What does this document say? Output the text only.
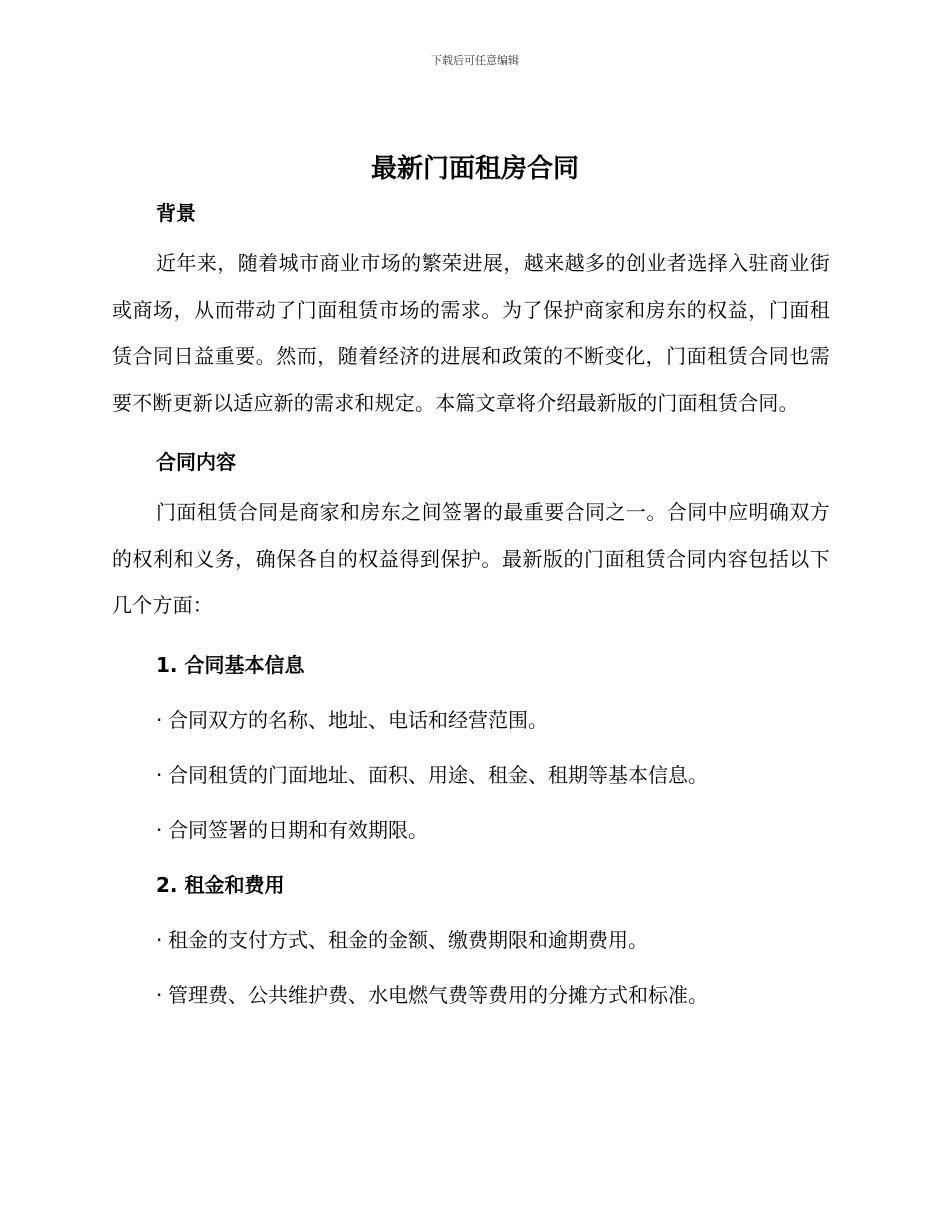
下载后可任意编辑
最新门面租房合同

背景

近年来，随着城市商业市场的繁荣进展，越来越多的创业者选择入驻商业街或商场，从而带动了门面租赁市场的需求。为了保护商家和房东的权益，门面租赁合同日益重要。然而，随着经济的进展和政策的不断变化，门面租赁合同也需要不断更新以适应新的需求和规定。本篇文章将介绍最新版的门面租赁合同。

合同内容

门面租赁合同是商家和房东之间签署的最重要合同之一。合同中应明确双方的权利和义务，确保各自的权益得到保护。最新版的门面租赁合同内容包括以下几个方面：

1. 合同基本信息

· 合同双方的名称、地址、电话和经营范围。

· 合同租赁的门面地址、面积、用途、租金、租期等基本信息。

· 合同签署的日期和有效期限。

2. 租金和费用

· 租金的支付方式、租金的金额、缴费期限和逾期费用。

· 管理费、公共维护费、水电燃气费等费用的分摊方式和标准。
